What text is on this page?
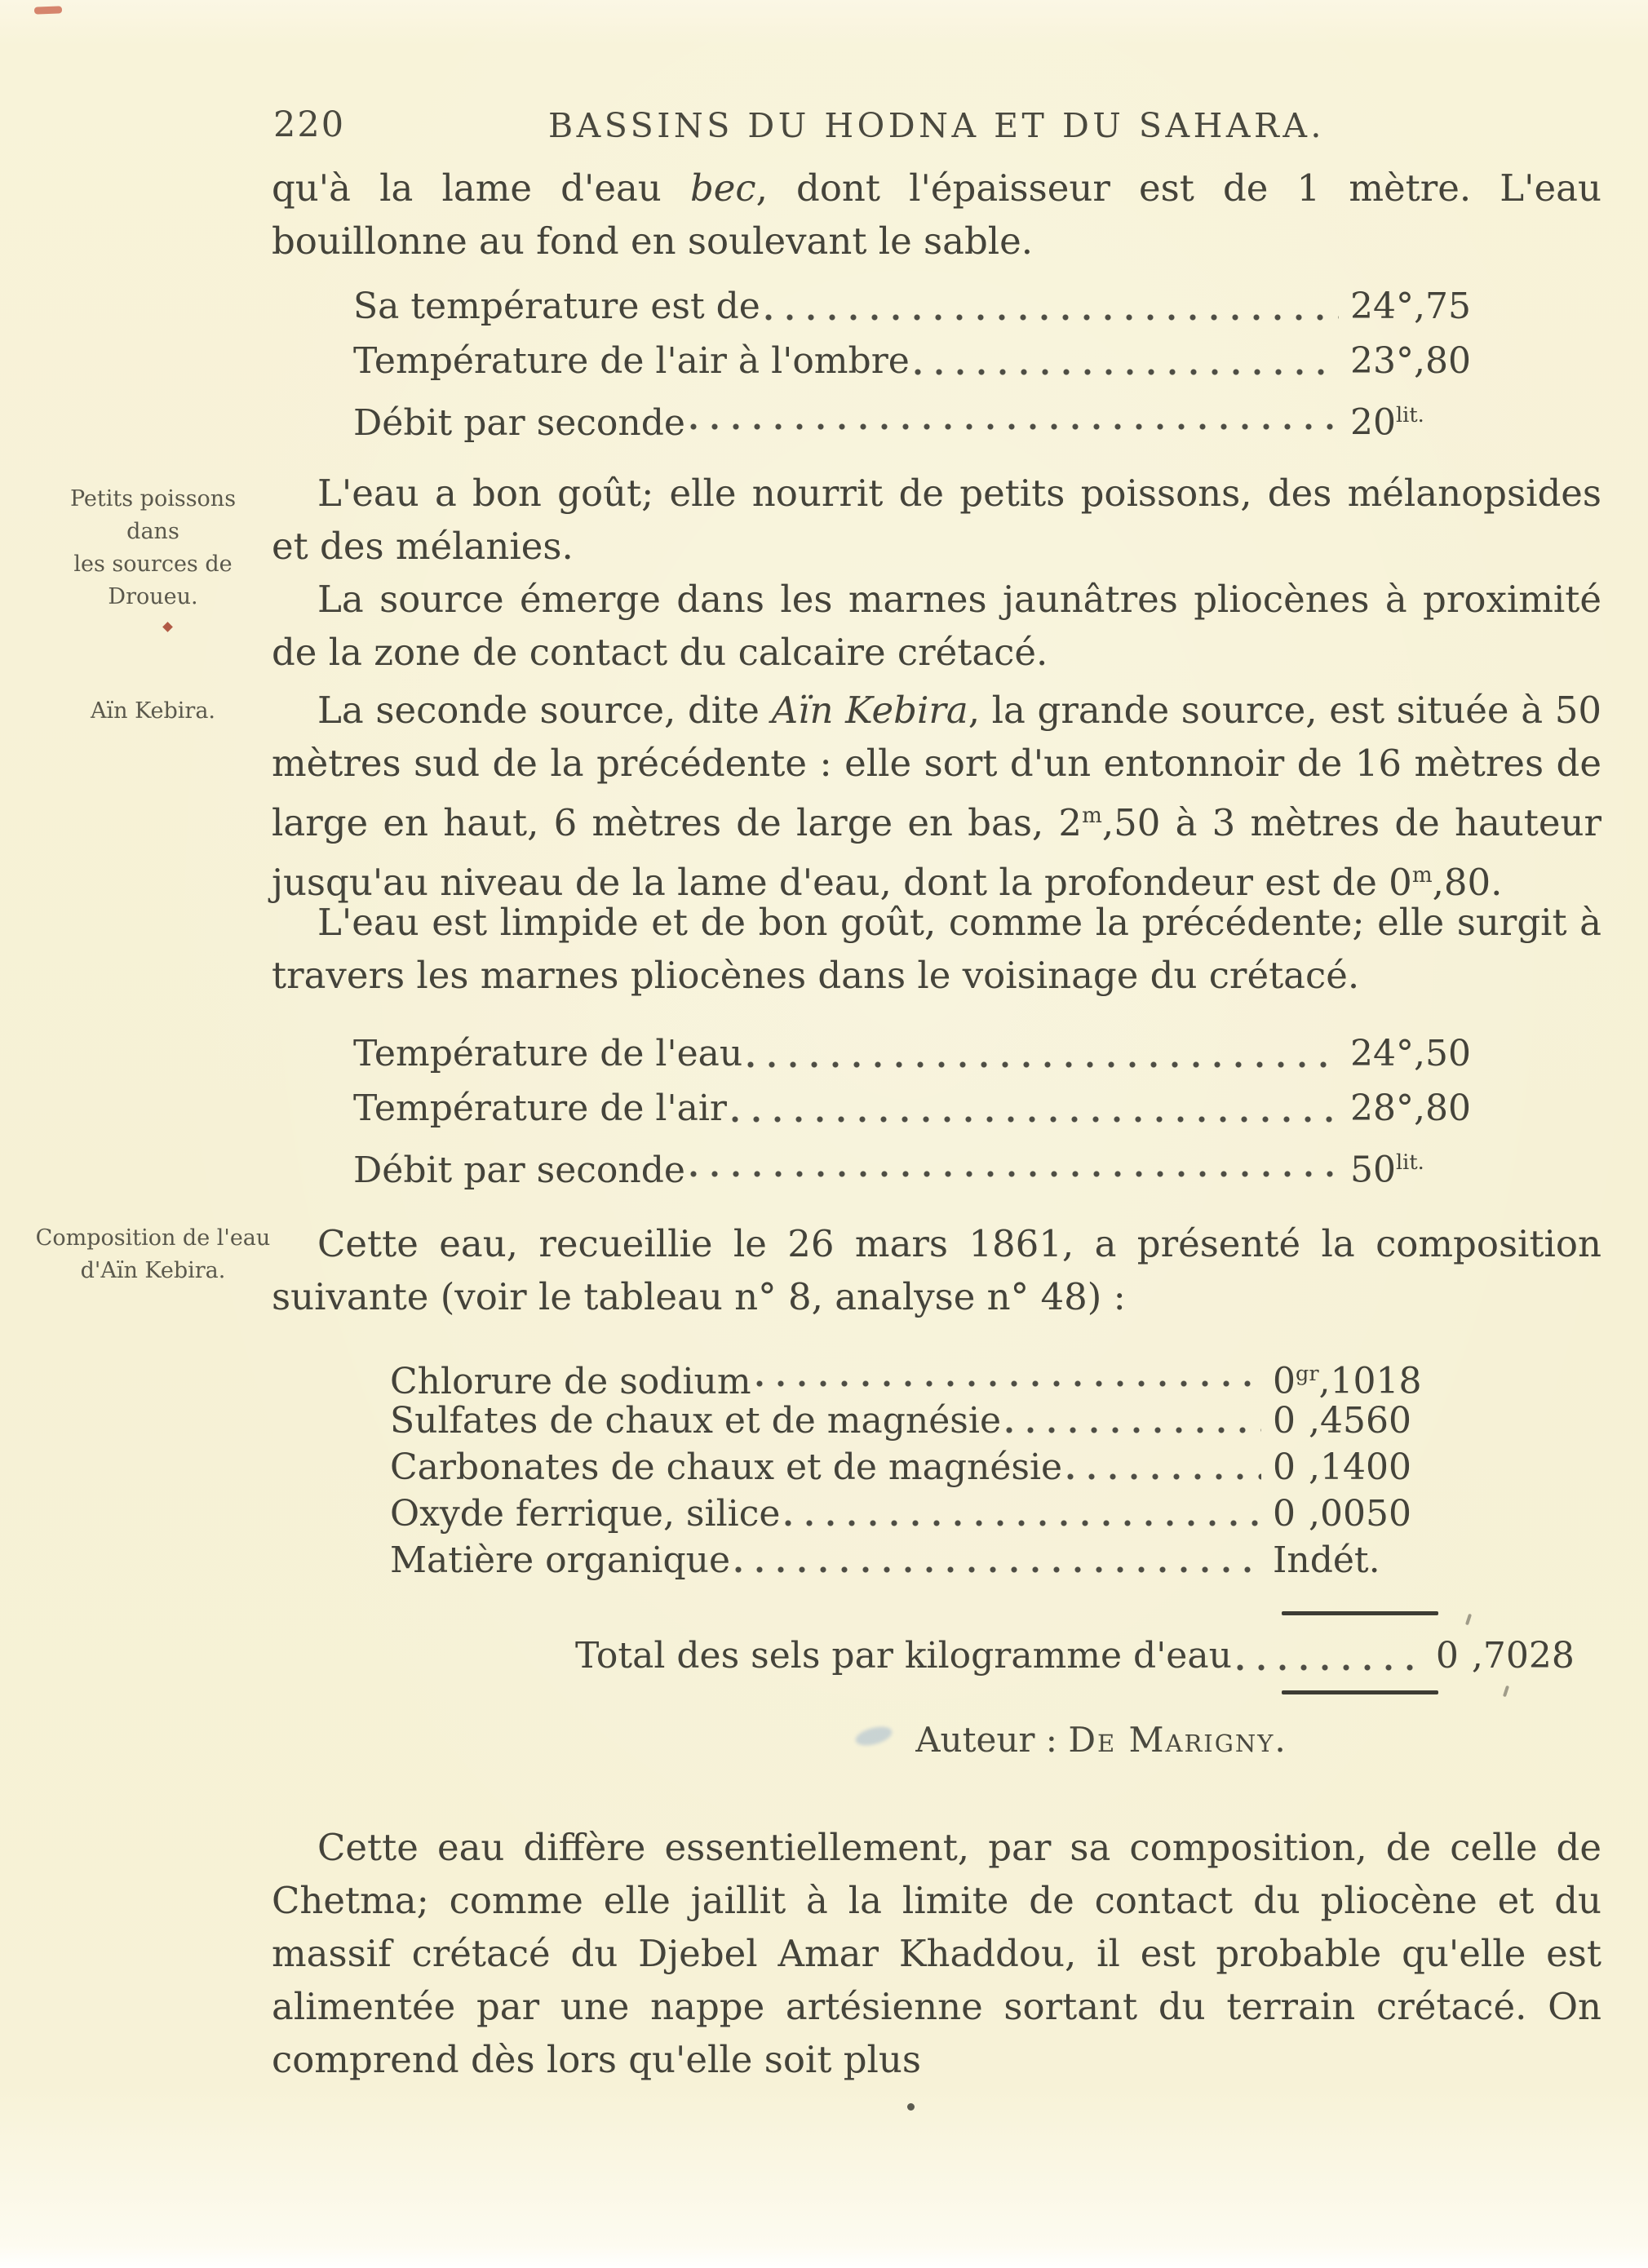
220	BASSINS DU HODNA ET DU SAHARA.
Petits poissons
dans
les sources de Droueu.
Aïn Kebira.
Composition de l'eau
d'Aïn Kebira.
qu'à la lame d'eau bec, dont l'épaisseur est de 1 mètre. L'eau bouillonne au fond en soulevant le sable.
Sa température est de	24°,75
Température de l'air à l'ombre	23°,80
Débit par seconde	$20^{lit.}$
L'eau a bon goût; elle nourrit de petits poissons, des mélanopsides et des mélanies.
La source émerge dans les marnes jaunâtres pliocènes à proximité de la zone de contact du calcaire crétacé.
La seconde source, dite Aïn Kebira, la grande source, est située à 50 mètres sud de la précédente : elle sort d'un entonnoir de 16 mètres de large en haut, 6 mètres de large en bas, 2$^m$,50 à 3 mètres de hauteur jusqu'au niveau de la lame d'eau, dont la profondeur est de 0$^m$,80.
L'eau est limpide et de bon goût, comme la précédente; elle surgit à travers les marnes pliocènes dans le voisinage du crétacé.
Température de l'eau	24°,50
Température de l'air	28°,80
Débit par seconde	$50^{lit.}$
Cette eau, recueillie le 26 mars 1861, a présenté la composition suivante (voir le tableau n° 8, analyse n° 48) :
Chlorure de sodium	$0^{gr},1018$
Sulfates de chaux et de magnésie	0 ,4560
Carbonates de chaux et de magnésie	0 ,1400
Oxyde ferrique, silice	0 ,0050
Matière organique	Indét.
Total des sels par kilogramme d'eau	0 ,7028
Auteur : De Marigny.
Cette eau diffère essentiellement, par sa composition, de celle de Chetma; comme elle jaillit à la limite de contact du pliocène et du massif crétacé du Djebel Amar Khaddou, il est probable qu'elle est alimentée par une nappe artésienne sortant du terrain crétacé. On comprend dès lors qu'elle soit plus
